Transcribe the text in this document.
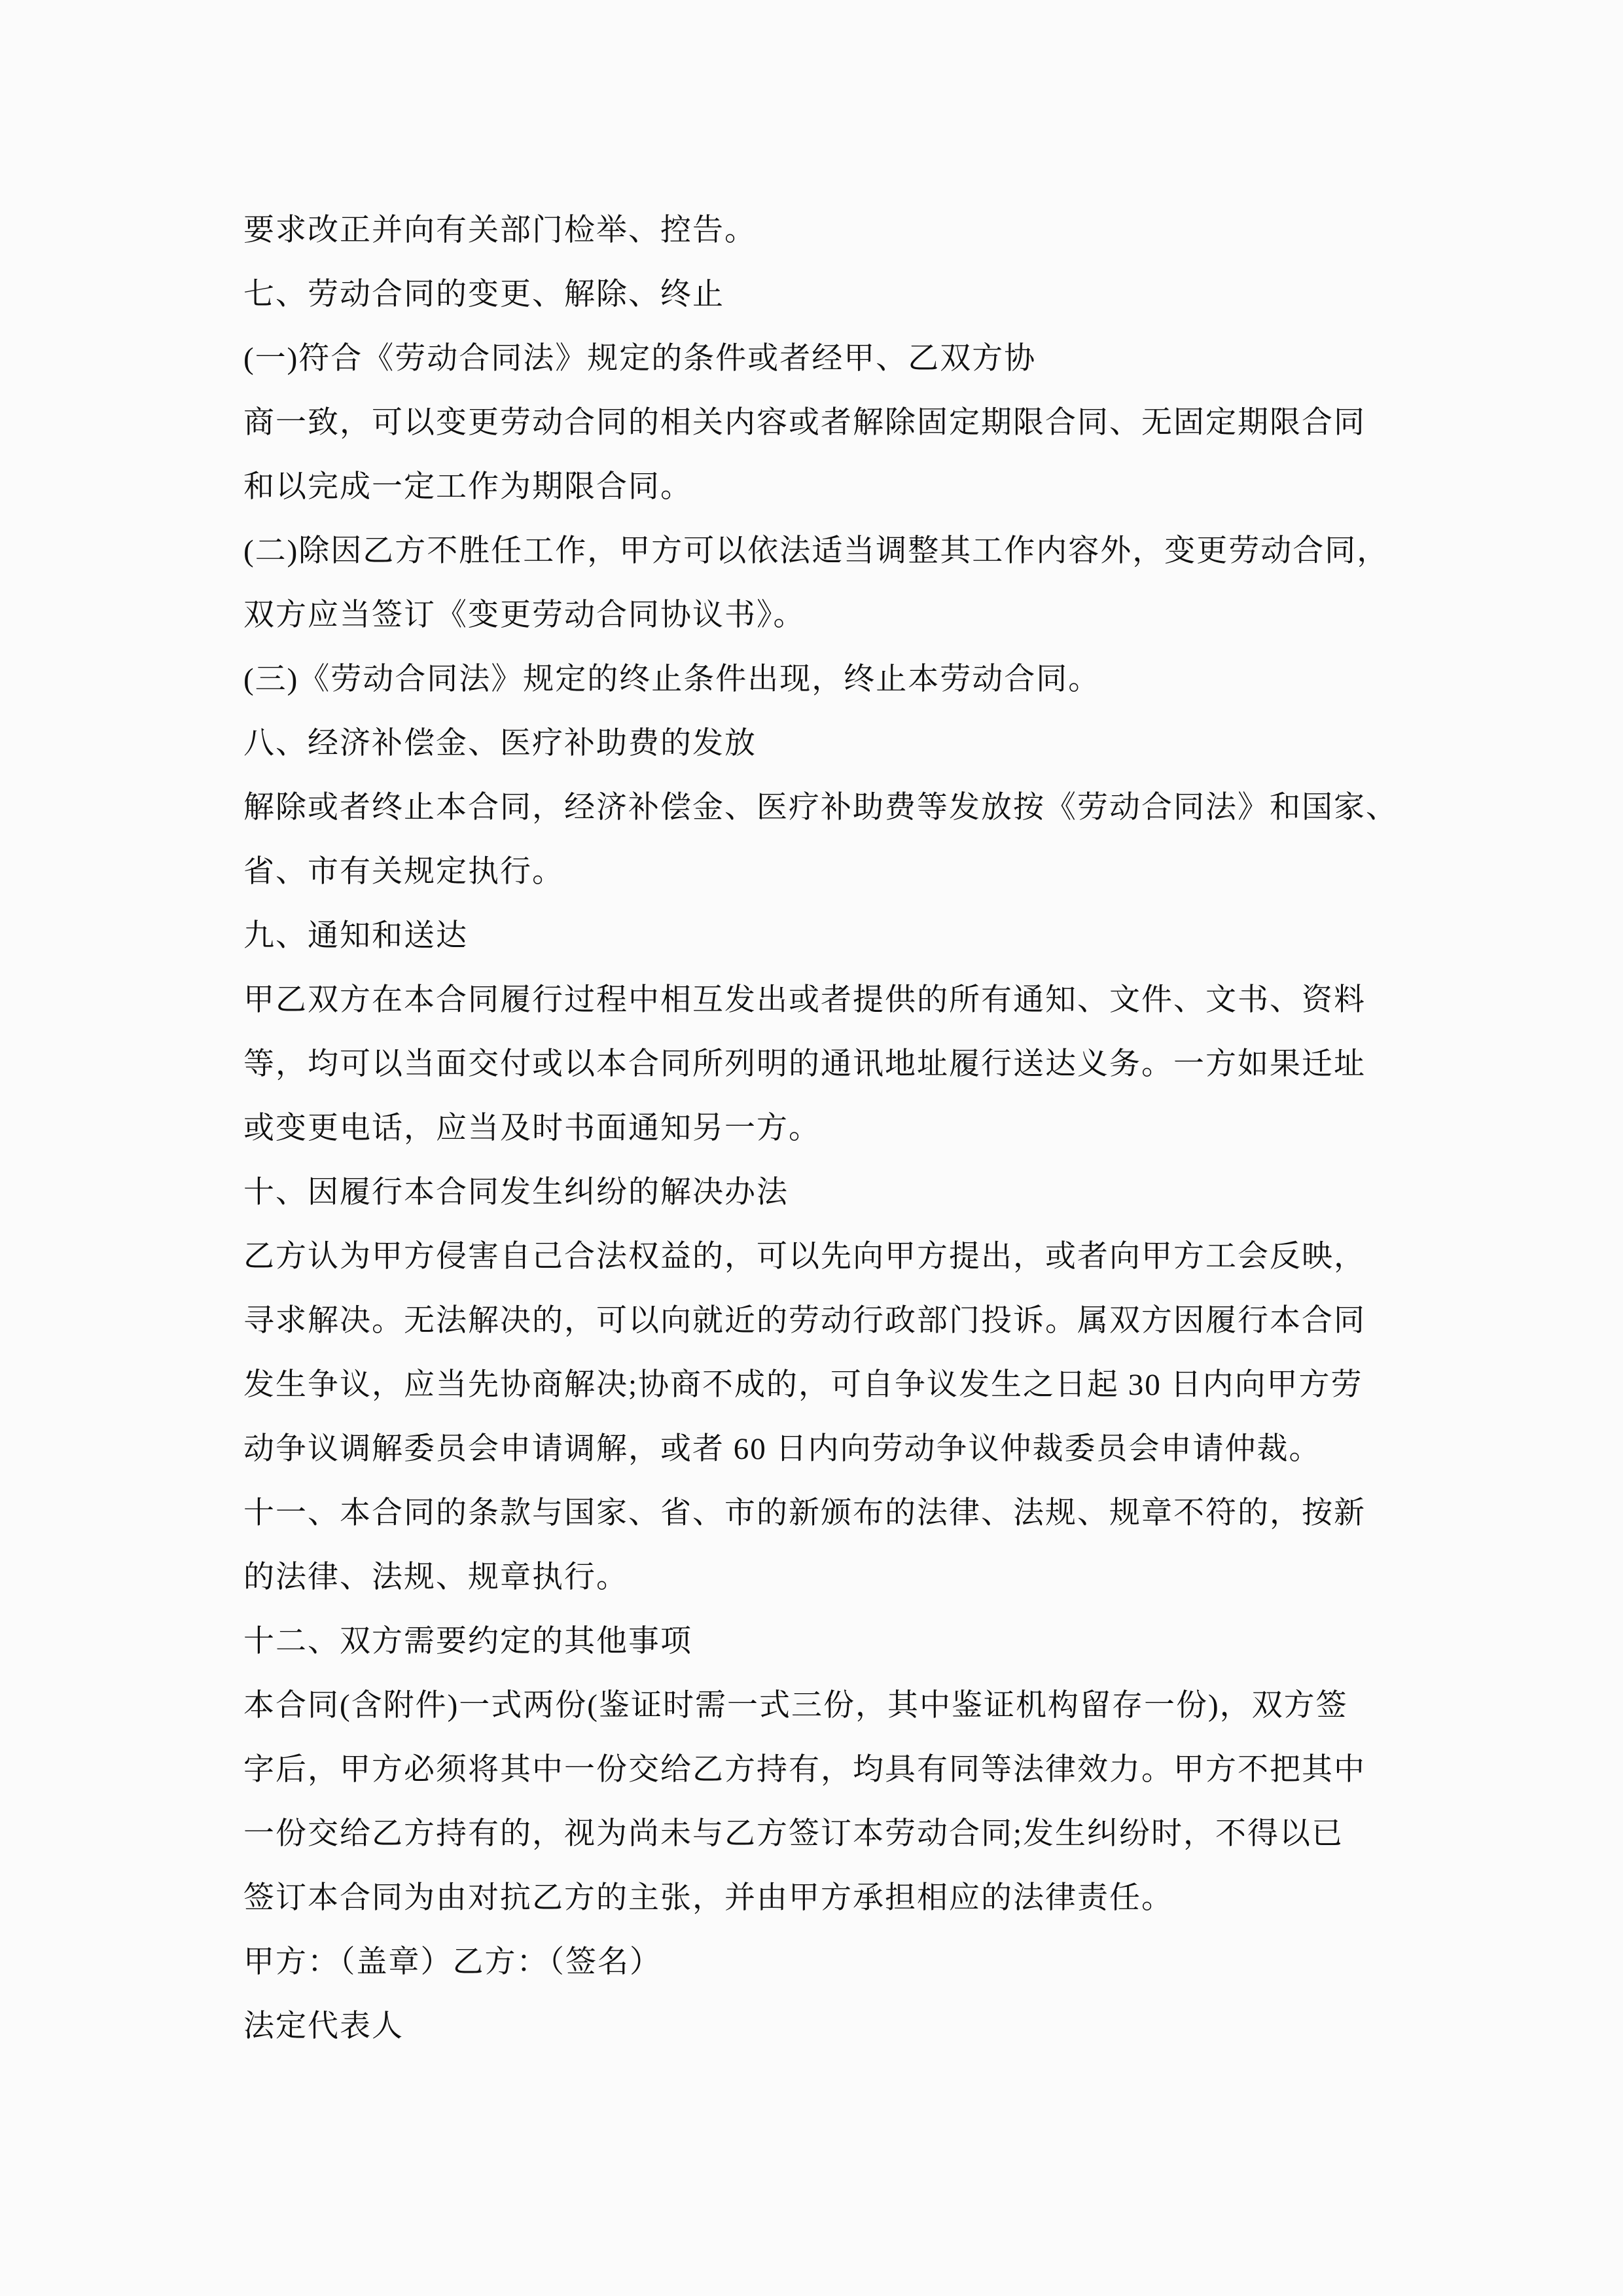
要求改正并向有关部门检举、控告。
七、劳动合同的变更、解除、终止
(一)符合《劳动合同法》规定的条件或者经甲、乙双方协
商一致，可以变更劳动合同的相关内容或者解除固定期限合同、无固定期限合同
和以完成一定工作为期限合同。
(二)除因乙方不胜任工作，甲方可以依法适当调整其工作内容外，变更劳动合同，
双方应当签订《变更劳动合同协议书》。
(三)《劳动合同法》规定的终止条件出现，终止本劳动合同。
八、经济补偿金、医疗补助费的发放
解除或者终止本合同，经济补偿金、医疗补助费等发放按《劳动合同法》和国家、
省、市有关规定执行。
九、通知和送达
甲乙双方在本合同履行过程中相互发出或者提供的所有通知、文件、文书、资料
等，均可以当面交付或以本合同所列明的通讯地址履行送达义务。一方如果迁址
或变更电话，应当及时书面通知另一方。
十、因履行本合同发生纠纷的解决办法
乙方认为甲方侵害自己合法权益的，可以先向甲方提出，或者向甲方工会反映，
寻求解决。无法解决的，可以向就近的劳动行政部门投诉。属双方因履行本合同
发生争议，应当先协商解决;协商不成的，可自争议发生之日起 30 日内向甲方劳
动争议调解委员会申请调解，或者 60 日内向劳动争议仲裁委员会申请仲裁。
十一、本合同的条款与国家、省、市的新颁布的法律、法规、规章不符的，按新
的法律、法规、规章执行。
十二、双方需要约定的其他事项
本合同(含附件)一式两份(鉴证时需一式三份，其中鉴证机构留存一份)，双方签
字后，甲方必须将其中一份交给乙方持有，均具有同等法律效力。甲方不把其中
一份交给乙方持有的，视为尚未与乙方签订本劳动合同;发生纠纷时，不得以已
签订本合同为由对抗乙方的主张，并由甲方承担相应的法律责任。
甲方：（盖章）乙方：（签名）
法定代表人
